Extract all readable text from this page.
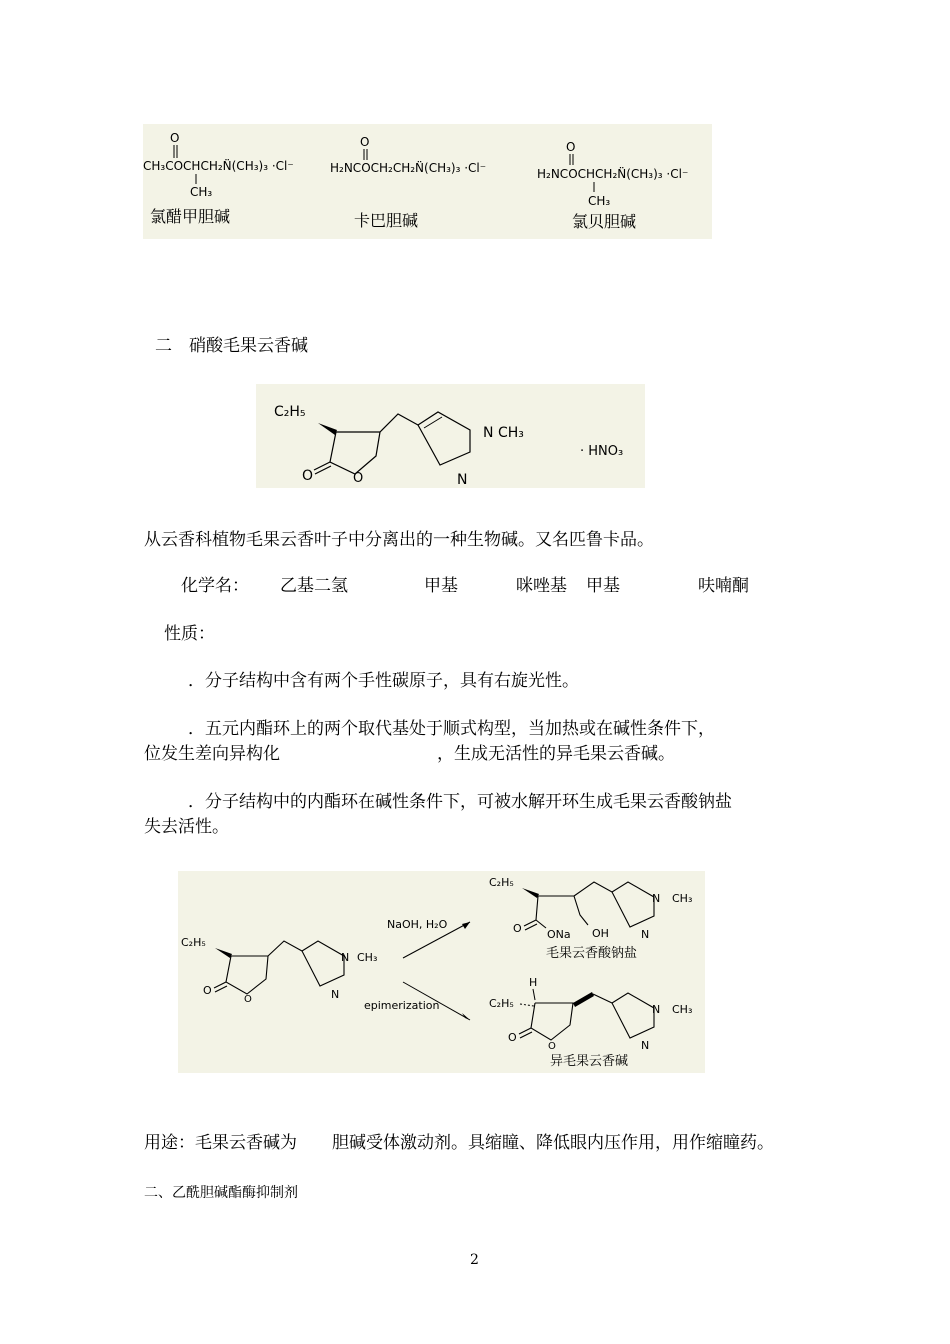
O
CH₃COCHCH₂N̈(CH₃)₃ ·Cl⁻
CH₃
氯醋甲胆碱
O
H₂NCOCH₂CH₂N̈(CH₃)₃ ·Cl⁻
卡巴胆碱
O
H₂NCOCHCH₂N̈(CH₃)₃ ·Cl⁻
CH₃
氯贝胆碱
二　硝酸毛果云香碱
C₂H₅
O	O
N
N
CH₃
· HNO₃
从云香科植物毛果云香叶子中分离出的一种生物碱。又名匹鲁卡品。
化学名： 乙基二氢	甲基	咪唑基 甲基	呋喃酮
性质：
．分子结构中含有两个手性碳原子，具有右旋光性。
．五元内酯环上的两个取代基处于顺式构型，当加热或在碱性条件下，
位发生差向异构化	，生成无活性的异毛果云香碱。
．分子结构中的内酯环在碱性条件下，可被水解开环生成毛果云香酸钠盐
失去活性。
C₂H₅
O
O
N
N
CH₃
NaOH, H₂O
epimerization
C₂H₅
O ONa OH
N
N
CH₃
毛果云香酸钠盐
H
C₂H₅
O
O
N
N
CH₃
异毛果云香碱
用途：毛果云香碱为 胆碱受体激动剂。具缩瞳、降低眼内压作用，用作缩瞳药。
二、乙酰胆碱酯酶抑制剂
2
